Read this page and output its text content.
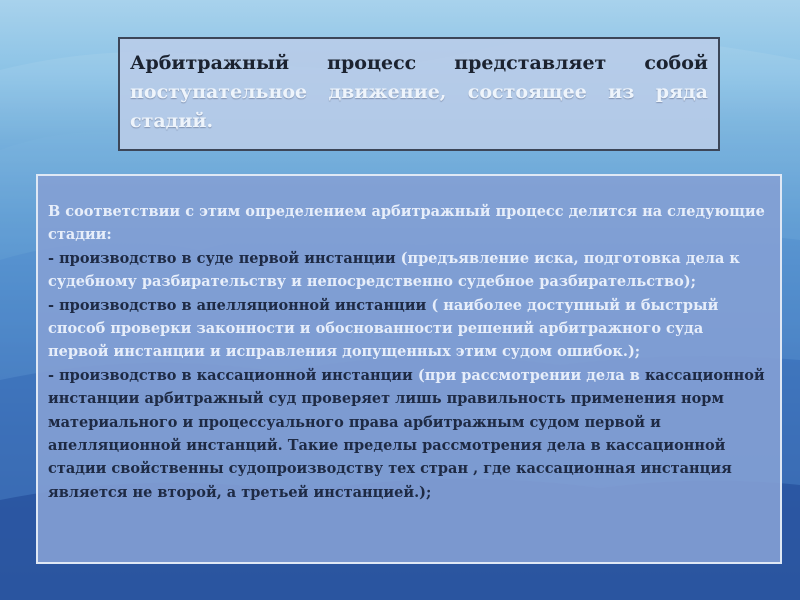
Арбитражный процесс представляет собой поступательное движение, состоящее из ряда стадий.

В соответствии с этим определением арбитражный процесс делится на следующие стадии:
- производство в суде первой инстанции (предъявление иска, подготовка дела к судебному разбирательству и непосредственно судебное разбирательство);
- производство в апелляционной инстанции ( наиболее доступный и быстрый способ проверки законности и обоснованности решений арбитражного суда первой инстанции и исправления допущенных этим судом ошибок.);
- производство в кассационной инстанции (при рассмотрении дела в кассационной инстанции арбитражный суд проверяет лишь правильность применения норм материального и процессуального права арбитражным судом первой и апелляционной инстанций. Такие пределы рассмотрения дела в кассационной стадии свойственны судопроизводству тех стран , где кассационная инстанция является не второй, а третьей инстанцией.);
